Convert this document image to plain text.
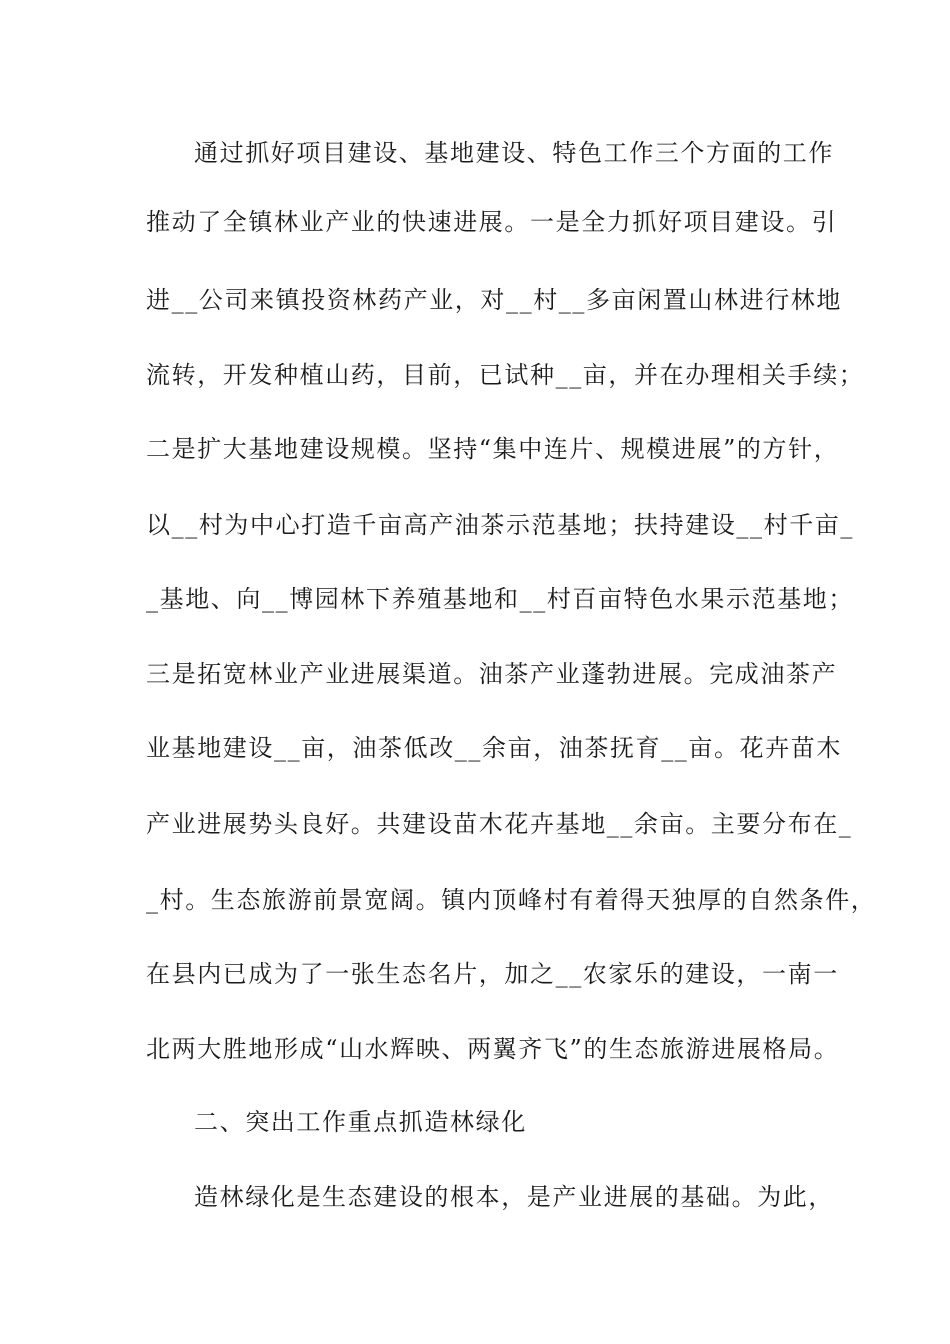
通过抓好项目建设、基地建设、特色工作三个方面的工作
推动了全镇林业产业的快速进展。一是全力抓好项目建设。引
进__公司来镇投资林药产业，对__村__多亩闲置山林进行林地
流转，开发种植山药，目前，已试种__亩，并在办理相关手续；
二是扩大基地建设规模。坚持“集中连片、规模进展”的方针，
以__村为中心打造千亩高产油茶示范基地；扶持建设__村千亩_
_基地、向__博园林下养殖基地和__村百亩特色水果示范基地；
三是拓宽林业产业进展渠道。油茶产业蓬勃进展。完成油茶产
业基地建设__亩，油茶低改__余亩，油茶抚育__亩。花卉苗木
产业进展势头良好。共建设苗木花卉基地__余亩。主要分布在_
_村。生态旅游前景宽阔。镇内顶峰村有着得天独厚的自然条件，
在县内已成为了一张生态名片，加之__农家乐的建设，一南一
北两大胜地形成“山水辉映、两翼齐飞”的生态旅游进展格局。
二、突出工作重点抓造林绿化
造林绿化是生态建设的根本，是产业进展的基础。为此，
